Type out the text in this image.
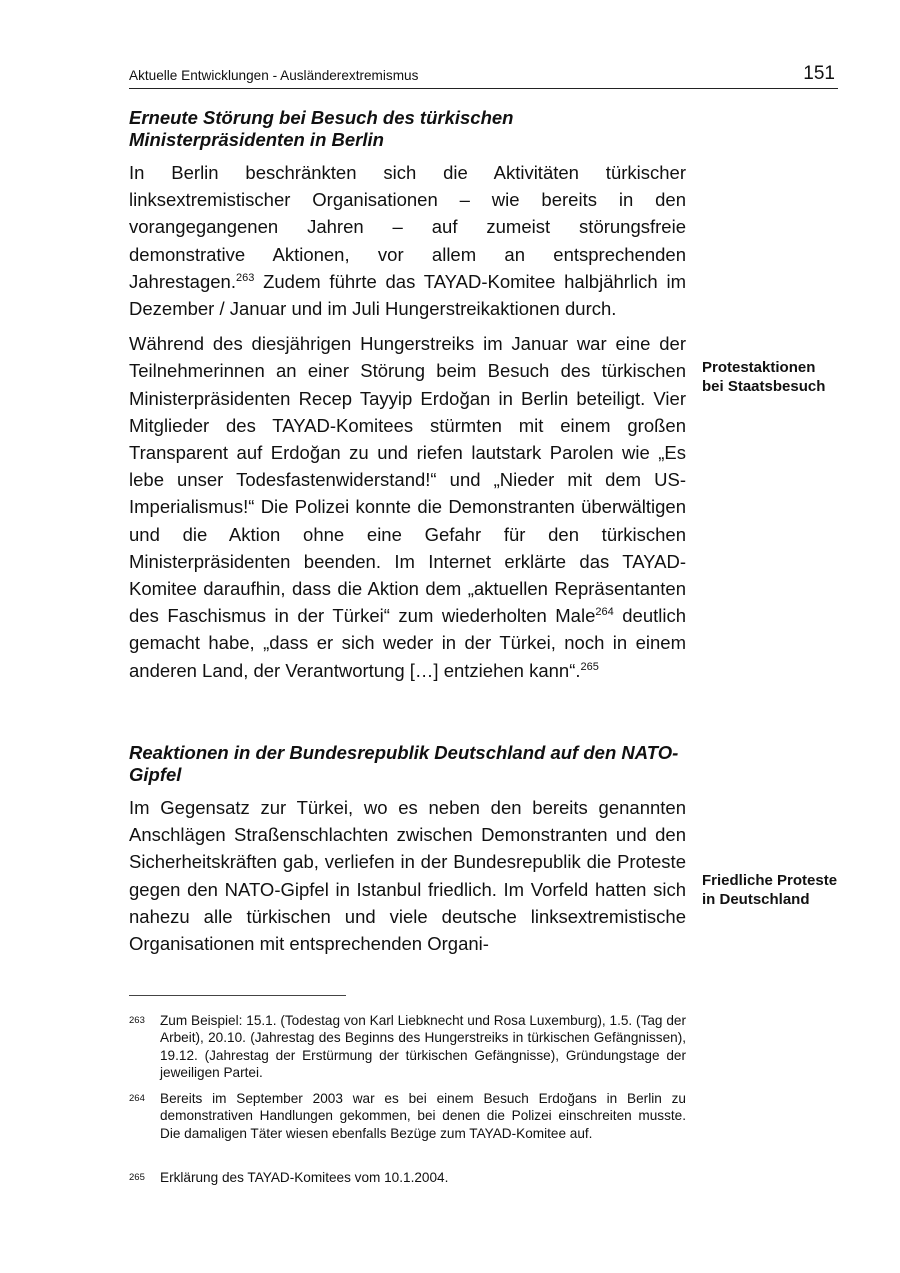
Aktuelle Entwicklungen - Ausländerextremismus	151
Erneute Störung bei Besuch des türkischen Ministerpräsidenten in Berlin

In Berlin beschränkten sich die Aktivitäten türkischer linksextremistischer Organisationen – wie bereits in den vorangegangenen Jahren – auf zumeist störungsfreie demonstrative Aktionen, vor allem an entsprechenden Jahrestagen.$^{263}$ Zudem führte das TAYAD-Komitee halbjährlich im Dezember / Januar und im Juli Hungerstreikaktionen durch.

Während des diesjährigen Hungerstreiks im Januar war eine der Teilnehmerinnen an einer Störung beim Besuch des türkischen Ministerpräsidenten Recep Tayyip Erdoğan in Berlin beteiligt. Vier Mitglieder des TAYAD-Komitees stürmten mit einem großen Transparent auf Erdoğan zu und riefen lautstark Parolen wie „Es lebe unser Todesfastenwiderstand!“ und „Nieder mit dem US-Imperialismus!“ Die Polizei konnte die Demonstranten überwältigen und die Aktion ohne eine Gefahr für den türkischen Ministerpräsidenten beenden. Im Internet erklärte das TAYAD-Komitee daraufhin, dass die Aktion dem „aktuellen Repräsentanten des Faschismus in der Türkei“ zum wiederholten Male$^{264}$ deutlich gemacht habe, „dass er sich weder in der Türkei, noch in einem anderen Land, der Verantwortung […] entziehen kann“.$^{265}$

Protestaktionen
bei Staatsbesuch
Reaktionen in der Bundesrepublik Deutschland auf den NATO-Gipfel

Im Gegensatz zur Türkei, wo es neben den bereits genannten Anschlägen Straßenschlachten zwischen Demonstranten und den Sicherheitskräften gab, verliefen in der Bundesrepublik die Proteste gegen den NATO-Gipfel in Istanbul friedlich. Im Vorfeld hatten sich nahezu alle türkischen und viele deutsche linksextremistische Organisationen mit entsprechenden Organi-

Friedliche Proteste
in Deutschland
263 Zum Beispiel: 15.1. (Todestag von Karl Liebknecht und Rosa Luxemburg), 1.5. (Tag der Arbeit), 20.10. (Jahrestag des Beginns des Hungerstreiks in türkischen Gefängnissen), 19.12. (Jahrestag der Erstürmung der türkischen Gefängnisse), Gründungstage der jeweiligen Partei.
264 Bereits im September 2003 war es bei einem Besuch Erdoğans in Berlin zu demonstrativen Handlungen gekommen, bei denen die Polizei einschreiten musste. Die damaligen Täter wiesen ebenfalls Bezüge zum TAYAD-Komitee auf.
265 Erklärung des TAYAD-Komitees vom 10.1.2004.
